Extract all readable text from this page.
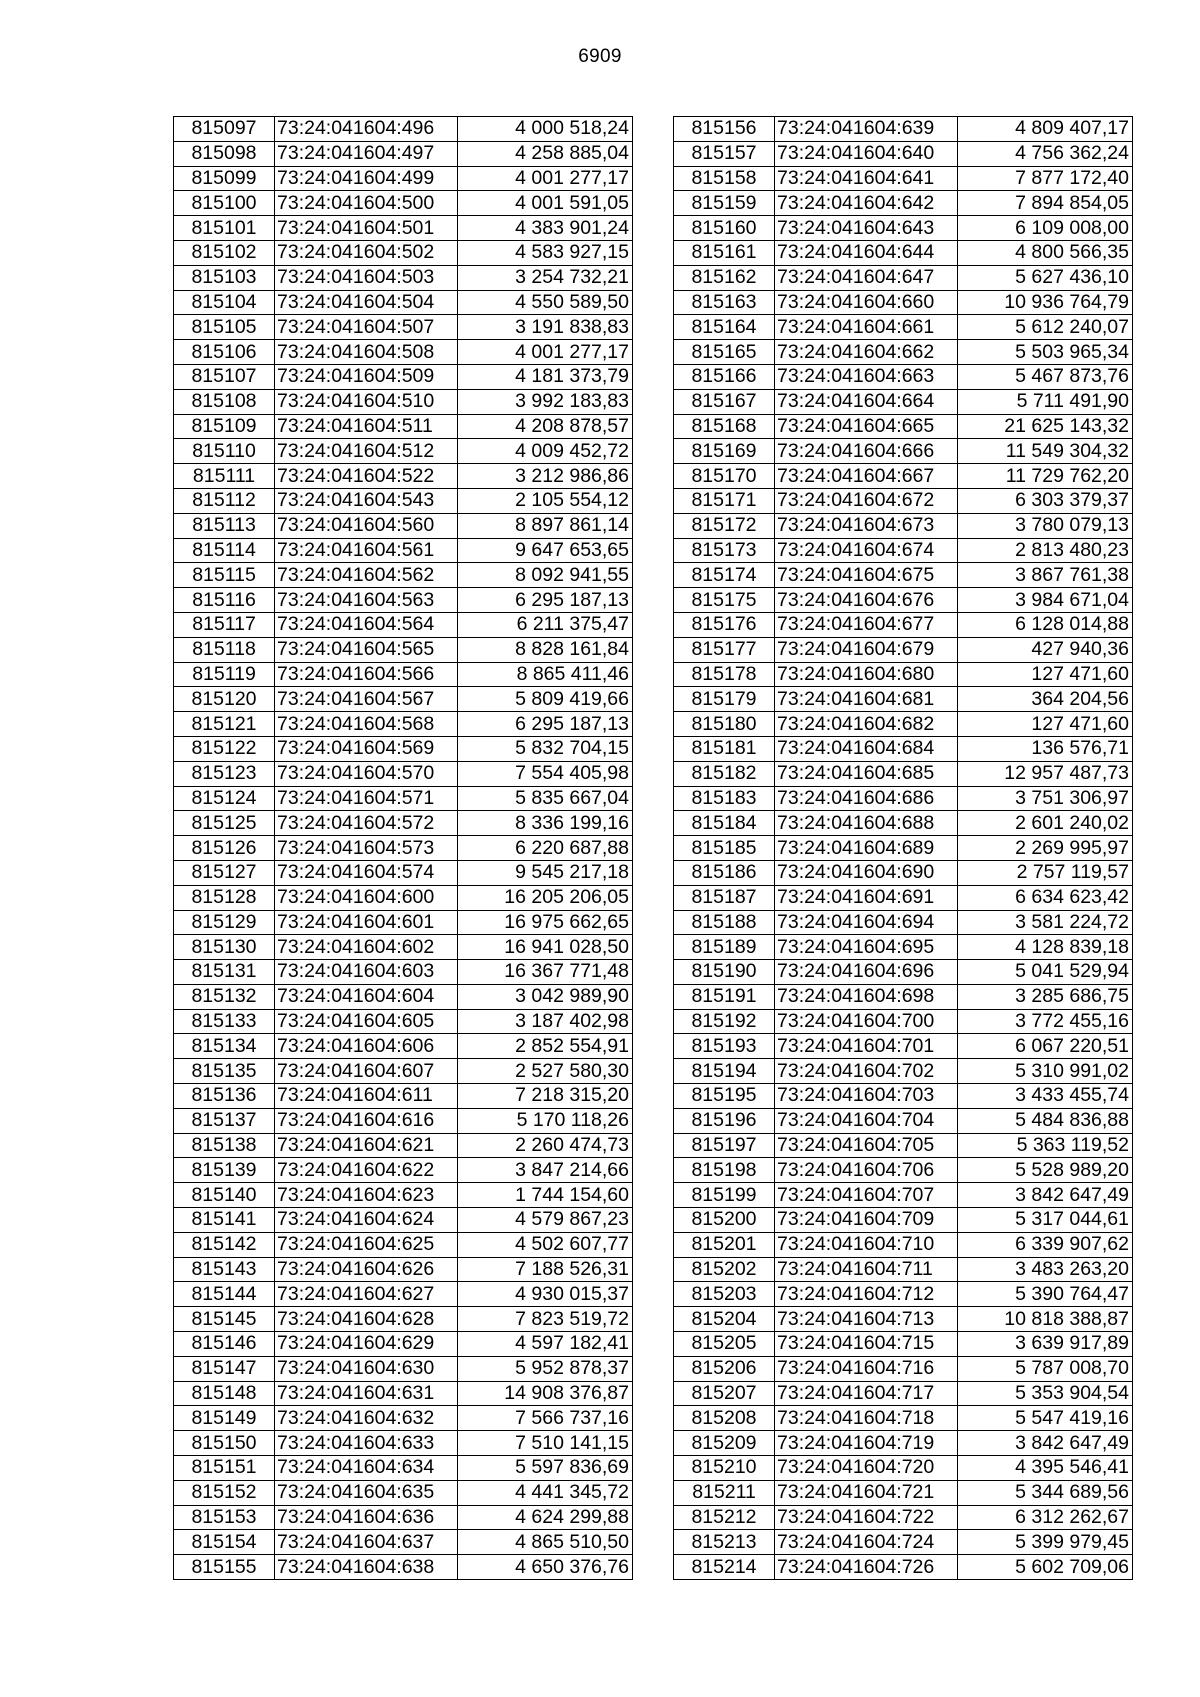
6909
815097	73:24:041604:496	4 000 518,24
815098	73:24:041604:497	4 258 885,04
815099	73:24:041604:499	4 001 277,17
815100	73:24:041604:500	4 001 591,05
815101	73:24:041604:501	4 383 901,24
815102	73:24:041604:502	4 583 927,15
815103	73:24:041604:503	3 254 732,21
815104	73:24:041604:504	4 550 589,50
815105	73:24:041604:507	3 191 838,83
815106	73:24:041604:508	4 001 277,17
815107	73:24:041604:509	4 181 373,79
815108	73:24:041604:510	3 992 183,83
815109	73:24:041604:511	4 208 878,57
815110	73:24:041604:512	4 009 452,72
815111	73:24:041604:522	3 212 986,86
815112	73:24:041604:543	2 105 554,12
815113	73:24:041604:560	8 897 861,14
815114	73:24:041604:561	9 647 653,65
815115	73:24:041604:562	8 092 941,55
815116	73:24:041604:563	6 295 187,13
815117	73:24:041604:564	6 211 375,47
815118	73:24:041604:565	8 828 161,84
815119	73:24:041604:566	8 865 411,46
815120	73:24:041604:567	5 809 419,66
815121	73:24:041604:568	6 295 187,13
815122	73:24:041604:569	5 832 704,15
815123	73:24:041604:570	7 554 405,98
815124	73:24:041604:571	5 835 667,04
815125	73:24:041604:572	8 336 199,16
815126	73:24:041604:573	6 220 687,88
815127	73:24:041604:574	9 545 217,18
815128	73:24:041604:600	16 205 206,05
815129	73:24:041604:601	16 975 662,65
815130	73:24:041604:602	16 941 028,50
815131	73:24:041604:603	16 367 771,48
815132	73:24:041604:604	3 042 989,90
815133	73:24:041604:605	3 187 402,98
815134	73:24:041604:606	2 852 554,91
815135	73:24:041604:607	2 527 580,30
815136	73:24:041604:611	7 218 315,20
815137	73:24:041604:616	5 170 118,26
815138	73:24:041604:621	2 260 474,73
815139	73:24:041604:622	3 847 214,66
815140	73:24:041604:623	1 744 154,60
815141	73:24:041604:624	4 579 867,23
815142	73:24:041604:625	4 502 607,77
815143	73:24:041604:626	7 188 526,31
815144	73:24:041604:627	4 930 015,37
815145	73:24:041604:628	7 823 519,72
815146	73:24:041604:629	4 597 182,41
815147	73:24:041604:630	5 952 878,37
815148	73:24:041604:631	14 908 376,87
815149	73:24:041604:632	7 566 737,16
815150	73:24:041604:633	7 510 141,15
815151	73:24:041604:634	5 597 836,69
815152	73:24:041604:635	4 441 345,72
815153	73:24:041604:636	4 624 299,88
815154	73:24:041604:637	4 865 510,50
815155	73:24:041604:638	4 650 376,76
815156	73:24:041604:639	4 809 407,17
815157	73:24:041604:640	4 756 362,24
815158	73:24:041604:641	7 877 172,40
815159	73:24:041604:642	7 894 854,05
815160	73:24:041604:643	6 109 008,00
815161	73:24:041604:644	4 800 566,35
815162	73:24:041604:647	5 627 436,10
815163	73:24:041604:660	10 936 764,79
815164	73:24:041604:661	5 612 240,07
815165	73:24:041604:662	5 503 965,34
815166	73:24:041604:663	5 467 873,76
815167	73:24:041604:664	5 711 491,90
815168	73:24:041604:665	21 625 143,32
815169	73:24:041604:666	11 549 304,32
815170	73:24:041604:667	11 729 762,20
815171	73:24:041604:672	6 303 379,37
815172	73:24:041604:673	3 780 079,13
815173	73:24:041604:674	2 813 480,23
815174	73:24:041604:675	3 867 761,38
815175	73:24:041604:676	3 984 671,04
815176	73:24:041604:677	6 128 014,88
815177	73:24:041604:679	427 940,36
815178	73:24:041604:680	127 471,60
815179	73:24:041604:681	364 204,56
815180	73:24:041604:682	127 471,60
815181	73:24:041604:684	136 576,71
815182	73:24:041604:685	12 957 487,73
815183	73:24:041604:686	3 751 306,97
815184	73:24:041604:688	2 601 240,02
815185	73:24:041604:689	2 269 995,97
815186	73:24:041604:690	2 757 119,57
815187	73:24:041604:691	6 634 623,42
815188	73:24:041604:694	3 581 224,72
815189	73:24:041604:695	4 128 839,18
815190	73:24:041604:696	5 041 529,94
815191	73:24:041604:698	3 285 686,75
815192	73:24:041604:700	3 772 455,16
815193	73:24:041604:701	6 067 220,51
815194	73:24:041604:702	5 310 991,02
815195	73:24:041604:703	3 433 455,74
815196	73:24:041604:704	5 484 836,88
815197	73:24:041604:705	5 363 119,52
815198	73:24:041604:706	5 528 989,20
815199	73:24:041604:707	3 842 647,49
815200	73:24:041604:709	5 317 044,61
815201	73:24:041604:710	6 339 907,62
815202	73:24:041604:711	3 483 263,20
815203	73:24:041604:712	5 390 764,47
815204	73:24:041604:713	10 818 388,87
815205	73:24:041604:715	3 639 917,89
815206	73:24:041604:716	5 787 008,70
815207	73:24:041604:717	5 353 904,54
815208	73:24:041604:718	5 547 419,16
815209	73:24:041604:719	3 842 647,49
815210	73:24:041604:720	4 395 546,41
815211	73:24:041604:721	5 344 689,56
815212	73:24:041604:722	6 312 262,67
815213	73:24:041604:724	5 399 979,45
815214	73:24:041604:726	5 602 709,06
